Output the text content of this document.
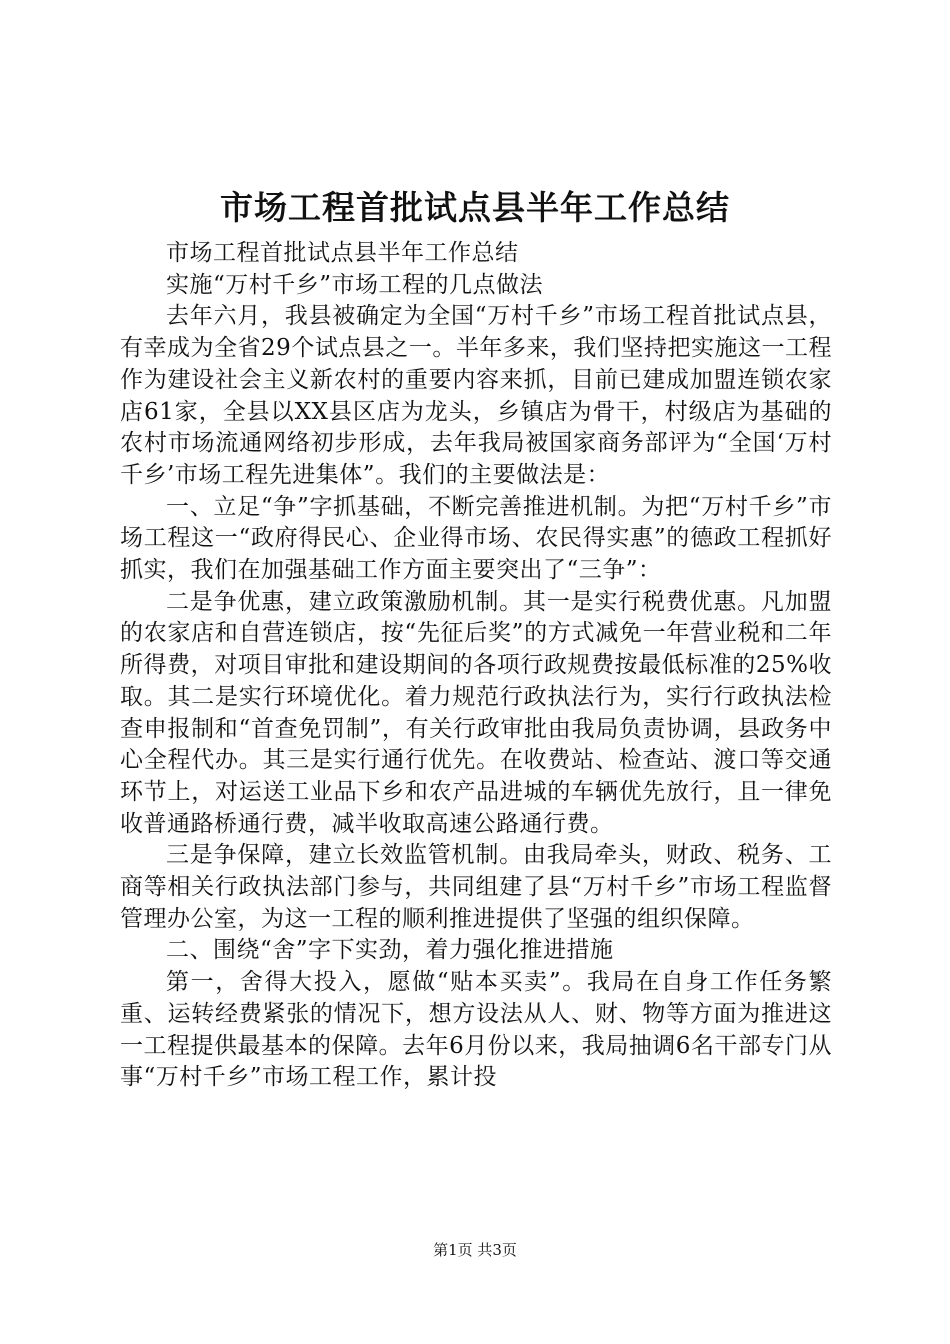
市场工程首批试点县半年工作总结

市场工程首批试点县半年工作总结

实施“万村千乡”市场工程的几点做法

去年六月，我县被确定为全国“万村千乡”市场工程首批试点县，有幸成为全省29个试点县之一。半年多来，我们坚持把实施这一工程作为建设社会主义新农村的重要内容来抓，目前已建成加盟连锁农家店61家，全县以XX县区店为龙头，乡镇店为骨干，村级店为基础的农村市场流通网络初步形成，去年我局被国家商务部评为“全国‘万村千乡’市场工程先进集体”。我们的主要做法是：

一、立足“争”字抓基础，不断完善推进机制。为把“万村千乡”市场工程这一“政府得民心、企业得市场、农民得实惠”的德政工程抓好抓实，我们在加强基础工作方面主要突出了“三争”：

二是争优惠，建立政策激励机制。其一是实行税费优惠。凡加盟的农家店和自营连锁店，按“先征后奖”的方式减免一年营业税和二年所得费，对项目审批和建设期间的各项行政规费按最低标准的25%收取。其二是实行环境优化。着力规范行政执法行为，实行行政执法检查申报制和“首查免罚制”，有关行政审批由我局负责协调，县政务中心全程代办。其三是实行通行优先。在收费站、检查站、渡口等交通环节上，对运送工业品下乡和农产品进城的车辆优先放行，且一律免收普通路桥通行费，减半收取高速公路通行费。

三是争保障，建立长效监管机制。由我局牵头，财政、税务、工商等相关行政执法部门参与，共同组建了县“万村千乡”市场工程监督管理办公室，为这一工程的顺利推进提供了坚强的组织保障。

二、围绕“舍”字下实劲，着力强化推进措施

第一，舍得大投入，愿做“贴本买卖”。我局在自身工作任务繁重、运转经费紧张的情况下，想方设法从人、财、物等方面为推进这一工程提供最基本的保障。去年6月份以来，我局抽调6名干部专门从事“万村千乡”市场工程工作，累计投

第1页 共3页
